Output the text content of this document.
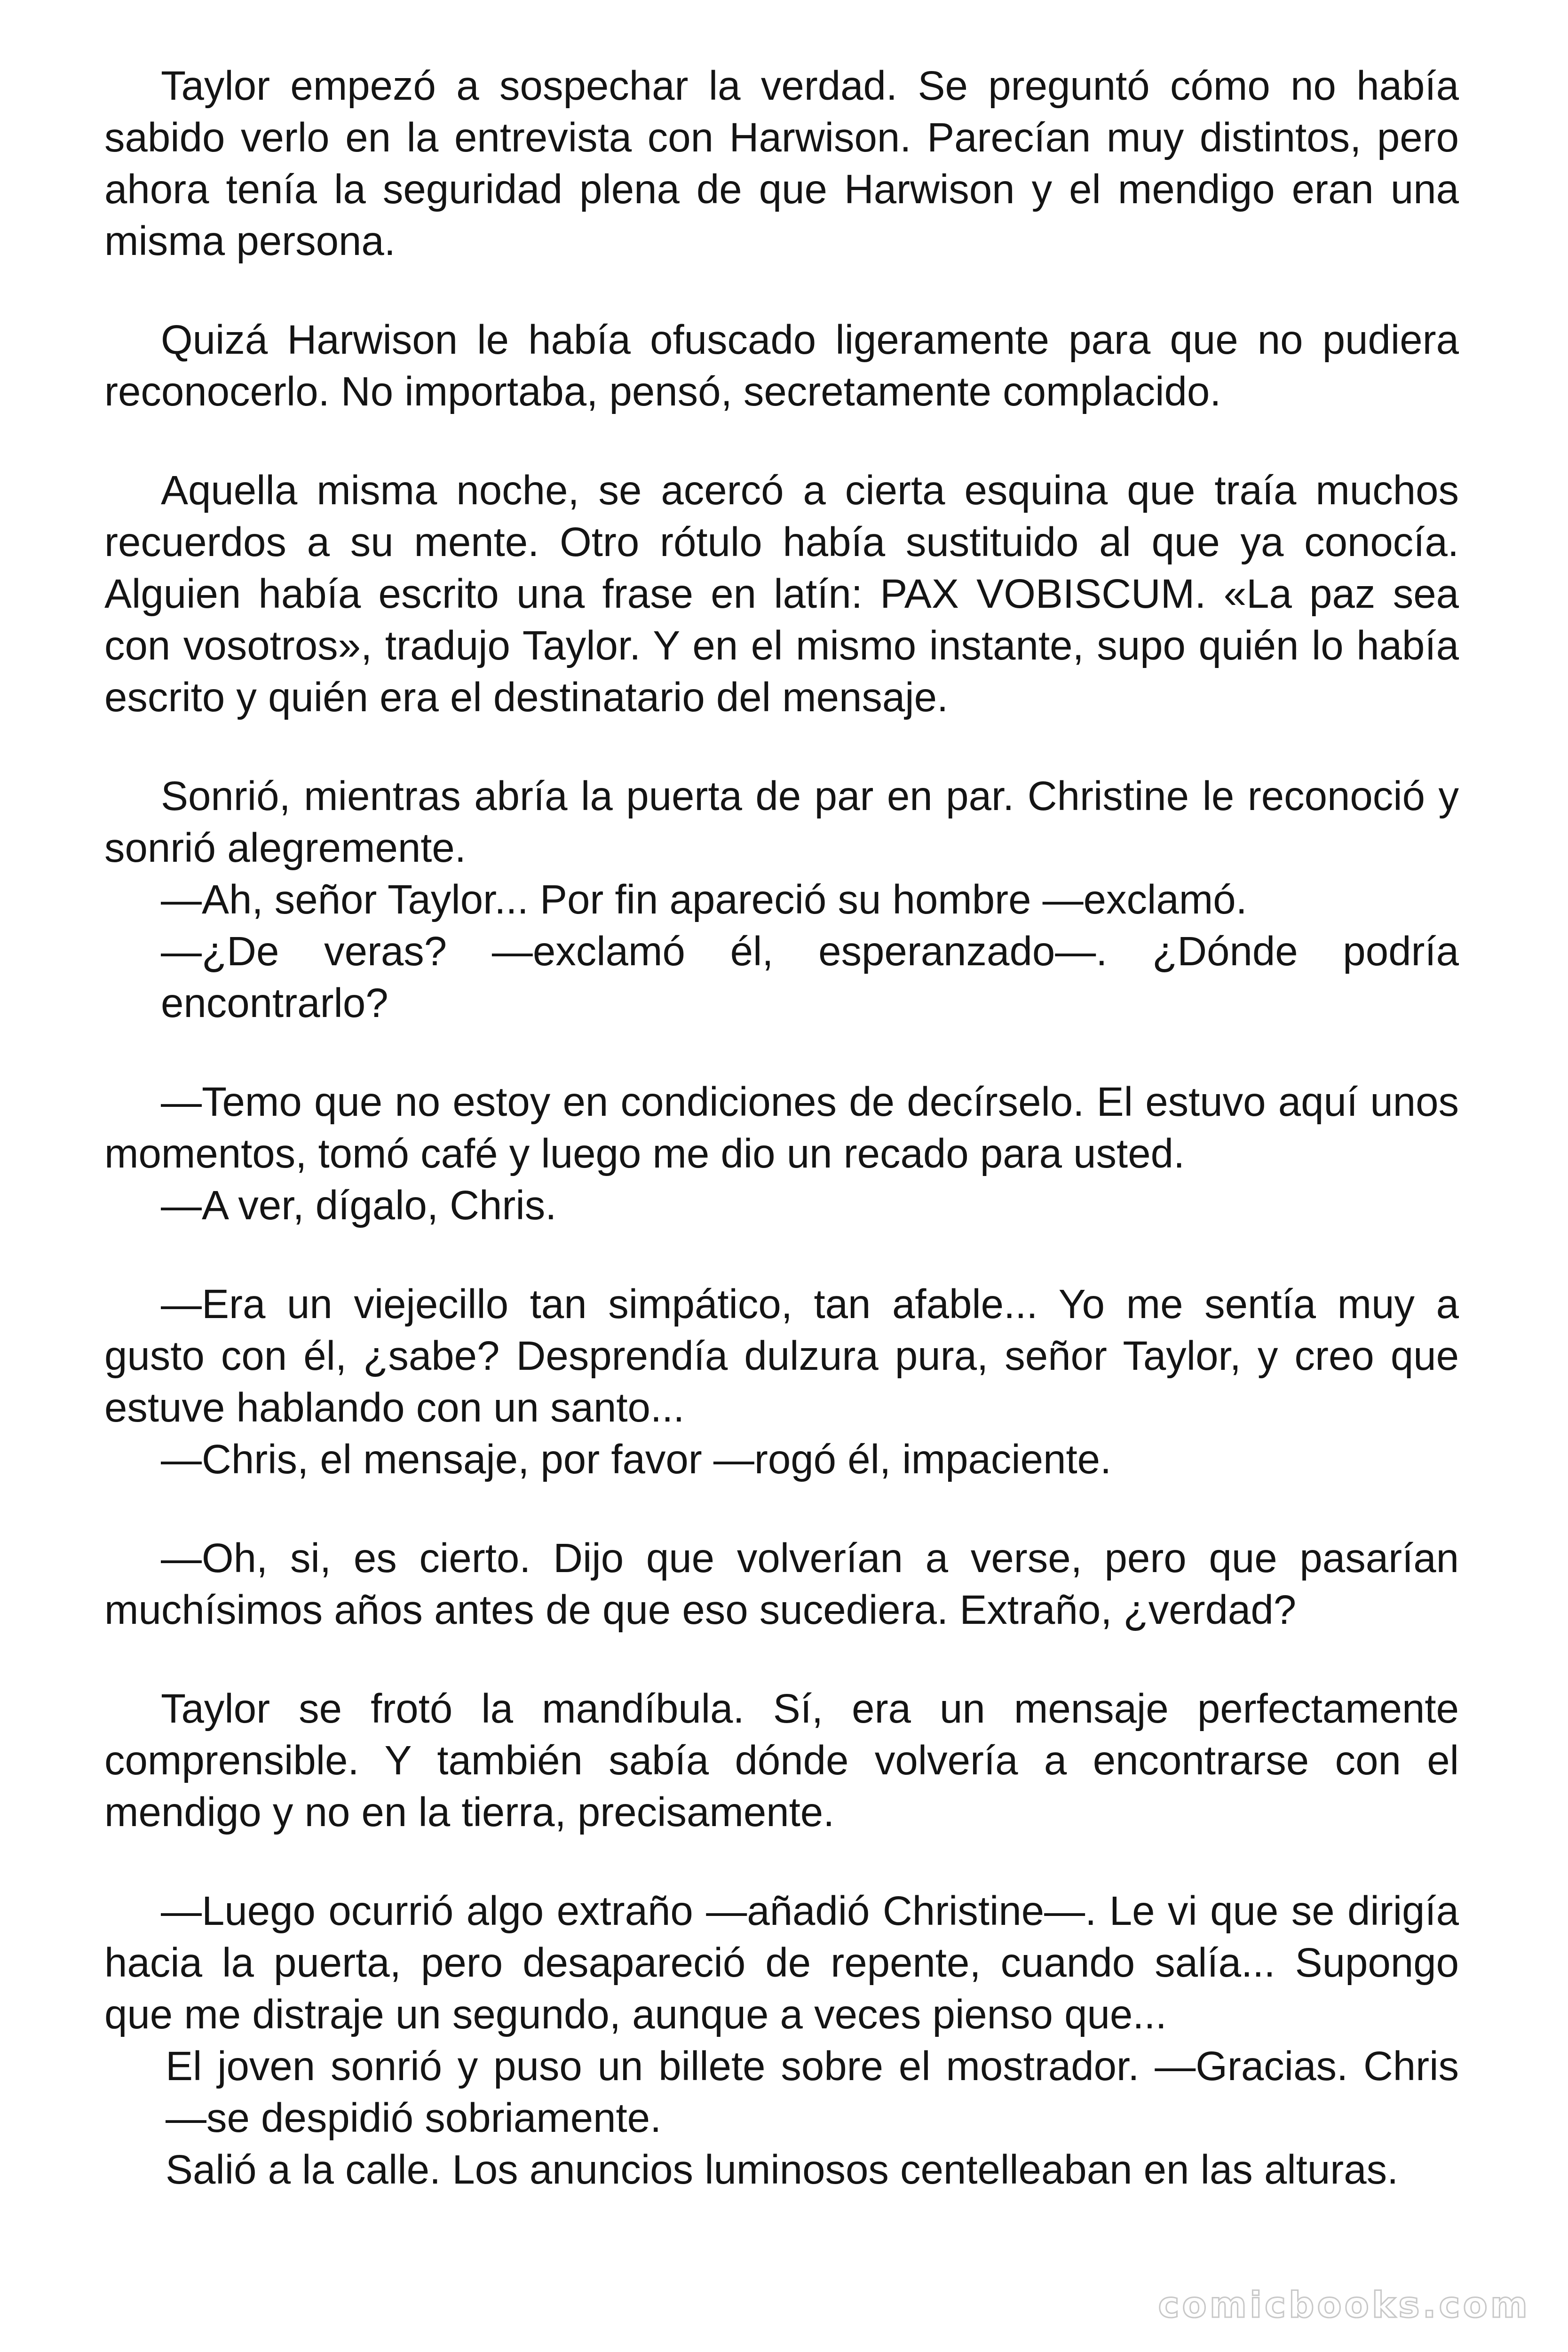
Taylor empezó a sospechar la verdad. Se preguntó cómo no había sabido verlo en la entrevista con Harwison. Parecían muy distintos, pero ahora tenía la seguridad plena de que Harwison y el mendigo eran una misma persona.

Quizá Harwison le había ofuscado ligeramente para que no pudiera reconocerlo. No importaba, pensó, secretamente complacido.

Aquella misma noche, se acercó a cierta esquina que traía muchos recuerdos a su mente. Otro rótulo había sustituido al que ya conocía. Alguien había escrito una frase en latín: PAX VOBISCUM. «La paz sea con vosotros», tradujo Taylor. Y en el mismo instante, supo quién lo había escrito y quién era el destinatario del mensaje.

Sonrió, mientras abría la puerta de par en par. Christine le reconoció y sonrió alegremente.

—Ah, señor Taylor... Por fin apareció su hombre —exclamó.

—¿De veras? —exclamó él, esperanzado—. ¿Dónde podría encontrarlo?

—Temo que no estoy en condiciones de decírselo. El estuvo aquí unos momentos, tomó café y luego me dio un recado para usted.

—A ver, dígalo, Chris.

—Era un viejecillo tan simpático, tan afable... Yo me sentía muy a gusto con él, ¿sabe? Desprendía dulzura pura, señor Taylor, y creo que estuve hablando con un santo...

—Chris, el mensaje, por favor —rogó él, impaciente.

—Oh, si, es cierto. Dijo que volverían a verse, pero que pasarían muchísimos años antes de que eso sucediera. Extraño, ¿verdad?

Taylor se frotó la mandíbula. Sí, era un mensaje perfectamente comprensible. Y también sabía dónde volvería a encontrarse con el mendigo y no en la tierra, precisamente.

—Luego ocurrió algo extraño —añadió Christine—. Le vi que se dirigía hacia la puerta, pero desapareció de repente, cuando salía... Supongo que me distraje un segundo, aunque a veces pienso que...

El joven sonrió y puso un billete sobre el mostrador. —Gracias. Chris —se despidió sobriamente.

Salió a la calle. Los anuncios luminosos centelleaban en las alturas.

comicbooks.com
